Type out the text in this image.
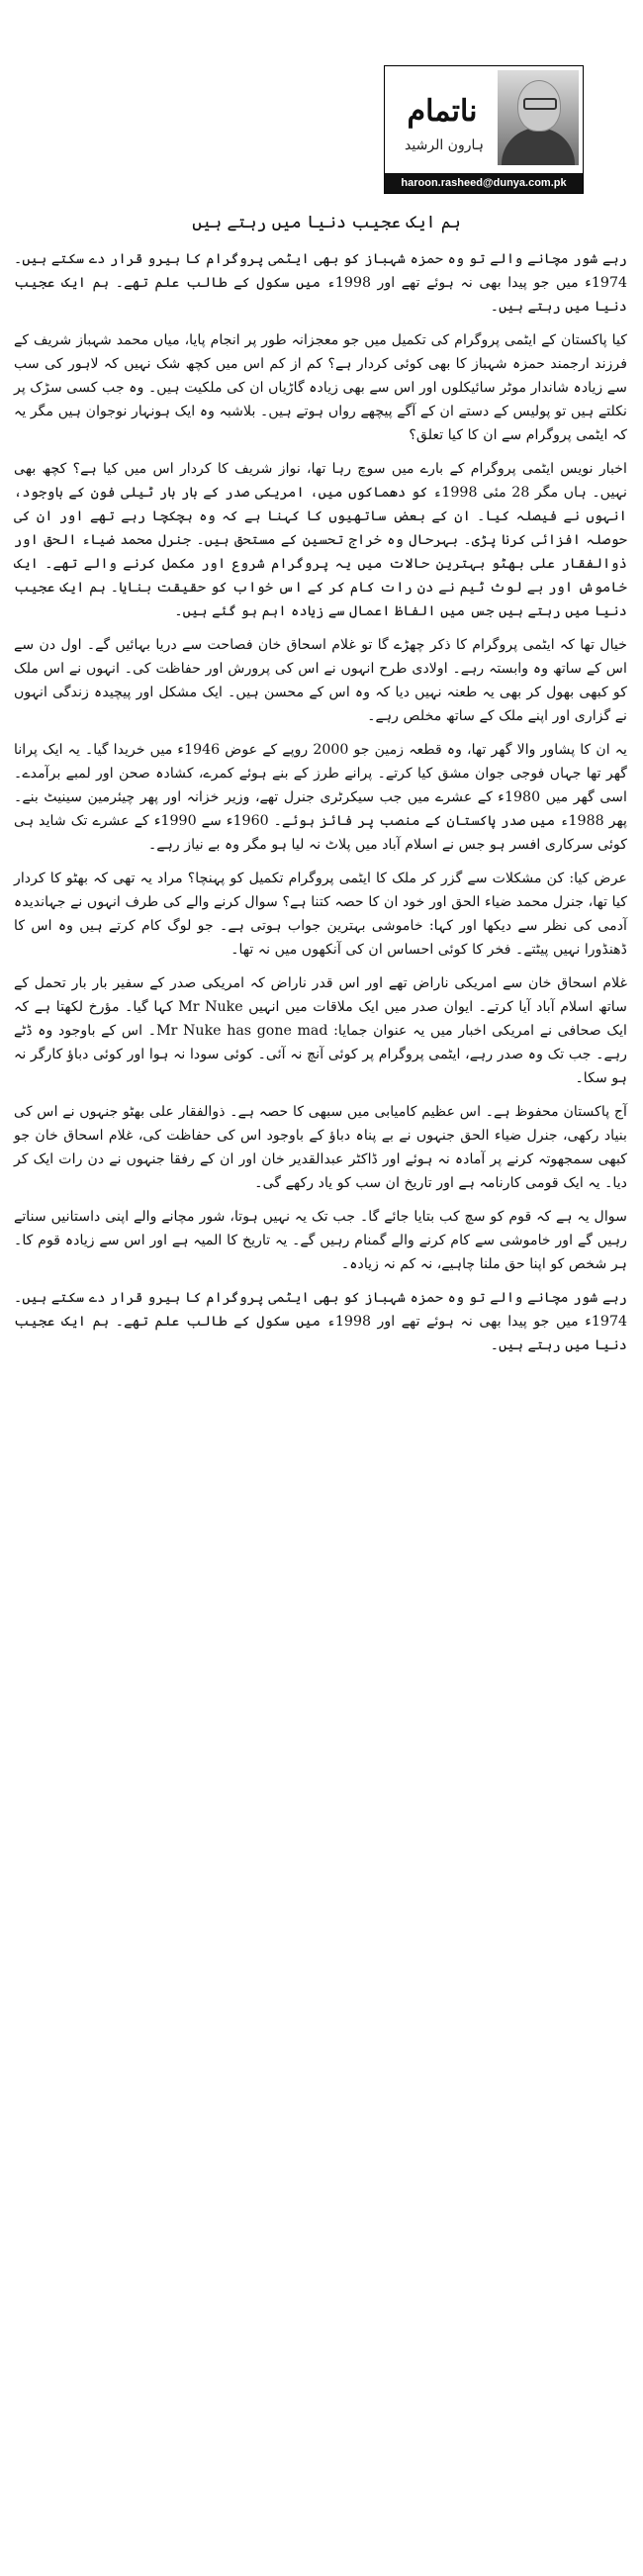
ناتمام
ہارون الرشید
haroon.rasheed@dunya.com.pk
ہم ایک عجیب دنیا میں رہتے ہیں

رہے شور مچانے والے تو وہ حمزہ شہباز کو بھی ایٹمی پروگرام کا ہیرو قرار دے سکتے ہیں۔ 1974ء میں جو پیدا بھی نہ ہوئے تھے اور 1998ء میں سکول کے طالب علم تھے۔ ہم ایک عجیب دنیا میں رہتے ہیں۔

کیا پاکستان کے ایٹمی پروگرام کی تکمیل میں جو معجزانہ طور پر انجام پایا، میاں محمد شہباز شریف کے فرزند ارجمند حمزہ شہباز کا بھی کوئی کردار ہے؟ کم از کم اس میں کچھ شک نہیں کہ لاہور کی سب سے زیادہ شاندار موٹر سائیکلوں اور اس سے بھی زیادہ گاڑیاں ان کی ملکیت ہیں۔ وہ جب کسی سڑک پر نکلتے ہیں تو پولیس کے دستے ان کے آگے پیچھے رواں ہوتے ہیں۔ بلاشبہ وہ ایک ہونہار نوجوان ہیں مگر یہ کہ ایٹمی پروگرام سے ان کا کیا تعلق؟

اخبار نویس ایٹمی پروگرام کے بارے میں سوچ رہا تھا، نواز شریف کا کردار اس میں کیا ہے؟ کچھ بھی نہیں۔ ہاں مگر 28 مئی 1998ء کو دھماکوں میں، امریکی صدر کے بار بار ٹیلی فون کے باوجود، انہوں نے فیصلہ کیا۔ ان کے بعض ساتھیوں کا کہنا ہے کہ وہ ہچکچا رہے تھے اور ان کی حوصلہ افزائی کرنا پڑی۔ بہرحال وہ خراج تحسین کے مستحق ہیں۔ جنرل محمد ضیاء الحق اور ذوالفقار علی بھٹو بہترین حالات میں یہ پروگرام شروع اور مکمل کرنے والے تھے۔ ایک خاموش اور بے لوث ٹیم نے دن رات کام کر کے اس خواب کو حقیقت بنایا۔ ہم ایک عجیب دنیا میں رہتے ہیں جس میں الفاظ اعمال سے زیادہ اہم ہو گئے ہیں۔

خیال تھا کہ ایٹمی پروگرام کا ذکر چھڑے گا تو غلام اسحاق خان فصاحت سے دریا بہائیں گے۔ اول دن سے اس کے ساتھ وہ وابستہ رہے۔ اولادی طرح انہوں نے اس کی پرورش اور حفاظت کی۔ انہوں نے اس ملک کو کبھی بھول کر بھی یہ طعنہ نہیں دیا کہ وہ اس کے محسن ہیں۔ ایک مشکل اور پیچیدہ زندگی انہوں نے گزاری اور اپنے ملک کے ساتھ مخلص رہے۔

یہ ان کا پشاور والا گھر تھا، وہ قطعہ زمین جو 2000 روپے کے عوض 1946ء میں خریدا گیا۔ یہ ایک پرانا گھر تھا جہاں فوجی جوان مشق کیا کرتے۔ پرانے طرز کے بنے ہوئے کمرے، کشادہ صحن اور لمبے برآمدے۔ اسی گھر میں 1980ء کے عشرے میں جب سیکرٹری جنرل تھے، وزیر خزانہ اور پھر چیئرمین سینیٹ بنے۔ پھر 1988ء میں صدر پاکستان کے منصب پر فائز ہوئے۔ 1960ء سے 1990ء کے عشرے تک شاید ہی کوئی سرکاری افسر ہو جس نے اسلام آباد میں پلاٹ نہ لیا ہو مگر وہ بے نیاز رہے۔

عرض کیا: کن مشکلات سے گزر کر ملک کا ایٹمی پروگرام تکمیل کو پہنچا؟ مراد یہ تھی کہ بھٹو کا کردار کیا تھا، جنرل محمد ضیاء الحق اور خود ان کا حصہ کتنا ہے؟ سوال کرنے والے کی طرف انہوں نے جہاندیدہ آدمی کی نظر سے دیکھا اور کہا: خاموشی بہترین جواب ہوتی ہے۔ جو لوگ کام کرتے ہیں وہ اس کا ڈھنڈورا نہیں پیٹتے۔ فخر کا کوئی احساس ان کی آنکھوں میں نہ تھا۔

غلام اسحاق خان سے امریکی ناراض تھے اور اس قدر ناراض کہ امریکی صدر کے سفیر بار بار تحمل کے ساتھ اسلام آباد آیا کرتے۔ ایوان صدر میں ایک ملاقات میں انہیں Mr Nuke کہا گیا۔ مؤرخ لکھتا ہے کہ ایک صحافی نے امریکی اخبار میں یہ عنوان جمایا: Mr Nuke has gone mad۔ اس کے باوجود وہ ڈٹے رہے۔ جب تک وہ صدر رہے، ایٹمی پروگرام پر کوئی آنچ نہ آئی۔ کوئی سودا نہ ہوا اور کوئی دباؤ کارگر نہ ہو سکا۔

آج پاکستان محفوظ ہے۔ اس عظیم کامیابی میں سبھی کا حصہ ہے۔ ذوالفقار علی بھٹو جنہوں نے اس کی بنیاد رکھی، جنرل ضیاء الحق جنہوں نے بے پناہ دباؤ کے باوجود اس کی حفاظت کی، غلام اسحاق خان جو کبھی سمجھوتہ کرنے پر آمادہ نہ ہوئے اور ڈاکٹر عبدالقدیر خان اور ان کے رفقا جنہوں نے دن رات ایک کر دیا۔ یہ ایک قومی کارنامہ ہے اور تاریخ ان سب کو یاد رکھے گی۔

سوال یہ ہے کہ قوم کو سچ کب بتایا جائے گا۔ جب تک یہ نہیں ہوتا، شور مچانے والے اپنی داستانیں سناتے رہیں گے اور خاموشی سے کام کرنے والے گمنام رہیں گے۔ یہ تاریخ کا المیہ ہے اور اس سے زیادہ قوم کا۔ ہر شخص کو اپنا حق ملنا چاہیے، نہ کم نہ زیادہ۔

رہے شور مچانے والے تو وہ حمزہ شہباز کو بھی ایٹمی پروگرام کا ہیرو قرار دے سکتے ہیں۔ 1974ء میں جو پیدا بھی نہ ہوئے تھے اور 1998ء میں سکول کے طالب علم تھے۔ ہم ایک عجیب دنیا میں رہتے ہیں۔
